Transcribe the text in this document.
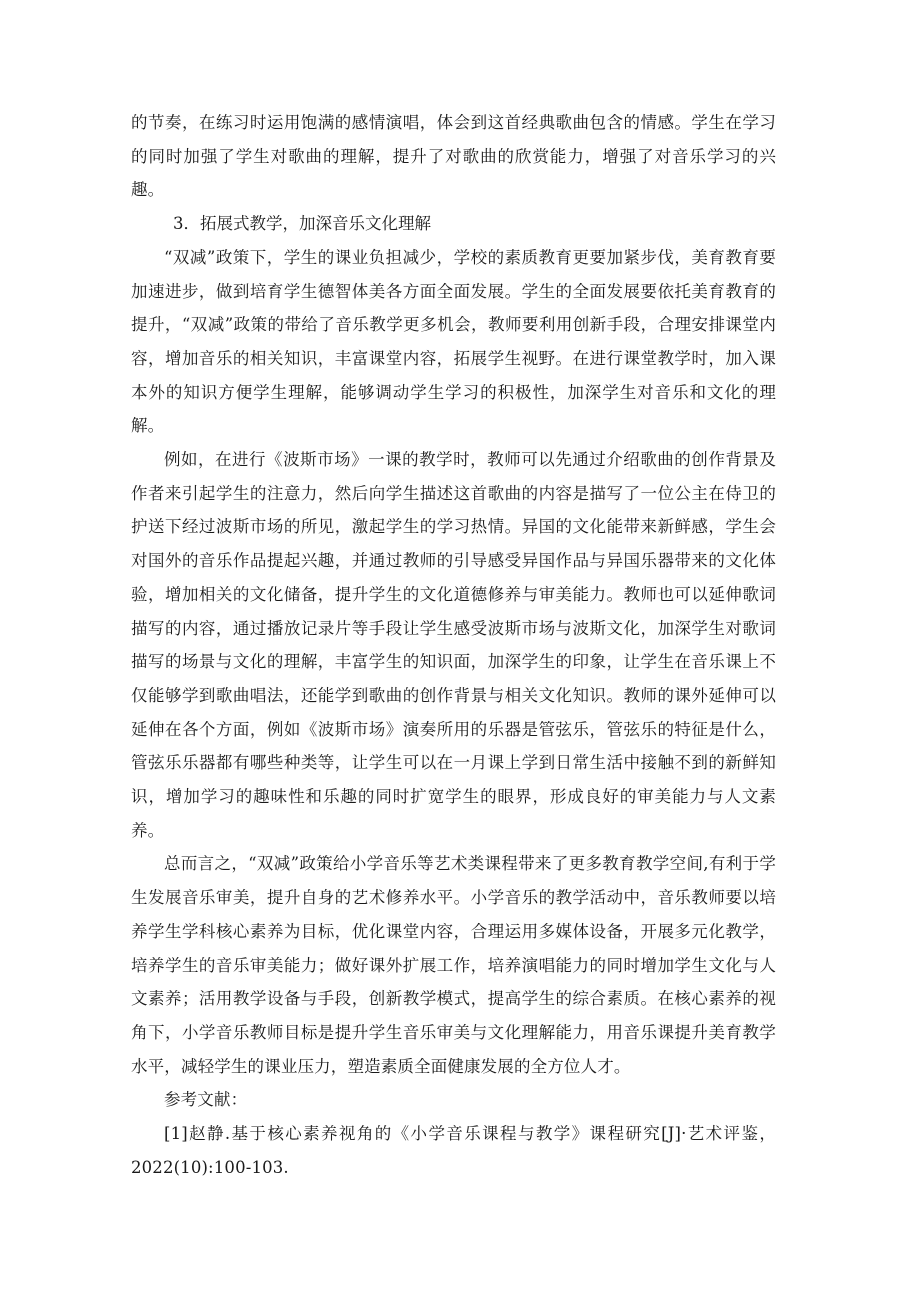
的节奏，在练习时运用饱满的感情演唱，体会到这首经典歌曲包含的情感。学生在学习的同时加强了学生对歌曲的理解，提升了对歌曲的欣赏能力，增强了对音乐学习的兴趣。

3．拓展式教学，加深音乐文化理解

“双减”政策下，学生的课业负担减少，学校的素质教育更要加紧步伐，美育教育要加速进步，做到培育学生德智体美各方面全面发展。学生的全面发展要依托美育教育的提升，“双减”政策的带给了音乐教学更多机会，教师要利用创新手段，合理安排课堂内容，增加音乐的相关知识，丰富课堂内容，拓展学生视野。在进行课堂教学时，加入课本外的知识方便学生理解，能够调动学生学习的积极性，加深学生对音乐和文化的理解。

例如，在进行《波斯市场》一课的教学时，教师可以先通过介绍歌曲的创作背景及作者来引起学生的注意力，然后向学生描述这首歌曲的内容是描写了一位公主在侍卫的护送下经过波斯市场的所见，激起学生的学习热情。异国的文化能带来新鲜感，学生会对国外的音乐作品提起兴趣，并通过教师的引导感受异国作品与异国乐器带来的文化体验，增加相关的文化储备，提升学生的文化道德修养与审美能力。教师也可以延伸歌词描写的内容，通过播放记录片等手段让学生感受波斯市场与波斯文化，加深学生对歌词描写的场景与文化的理解，丰富学生的知识面，加深学生的印象，让学生在音乐课上不仅能够学到歌曲唱法，还能学到歌曲的创作背景与相关文化知识。教师的课外延伸可以延伸在各个方面，例如《波斯市场》演奏所用的乐器是管弦乐，管弦乐的特征是什么，管弦乐乐器都有哪些种类等，让学生可以在一月课上学到日常生活中接触不到的新鲜知识，增加学习的趣味性和乐趣的同时扩宽学生的眼界，形成良好的审美能力与人文素养。

总而言之，“双减”政策给小学音乐等艺术类课程带来了更多教育教学空间,有利于学生发展音乐审美，提升自身的艺术修养水平。小学音乐的教学活动中，音乐教师要以培养学生学科核心素养为目标，优化课堂内容，合理运用多媒体设备，开展多元化教学，培养学生的音乐审美能力；做好课外扩展工作，培养演唱能力的同时增加学生文化与人文素养；活用教学设备与手段，创新教学模式，提高学生的综合素质。在核心素养的视角下，小学音乐教师目标是提升学生音乐审美与文化理解能力，用音乐课提升美育教学水平，减轻学生的课业压力，塑造素质全面健康发展的全方位人才。

参考文献：

[1]赵静.基于核心素养视角的《小学音乐课程与教学》课程研究[J]·艺术评鉴，2022(10):100-103.
